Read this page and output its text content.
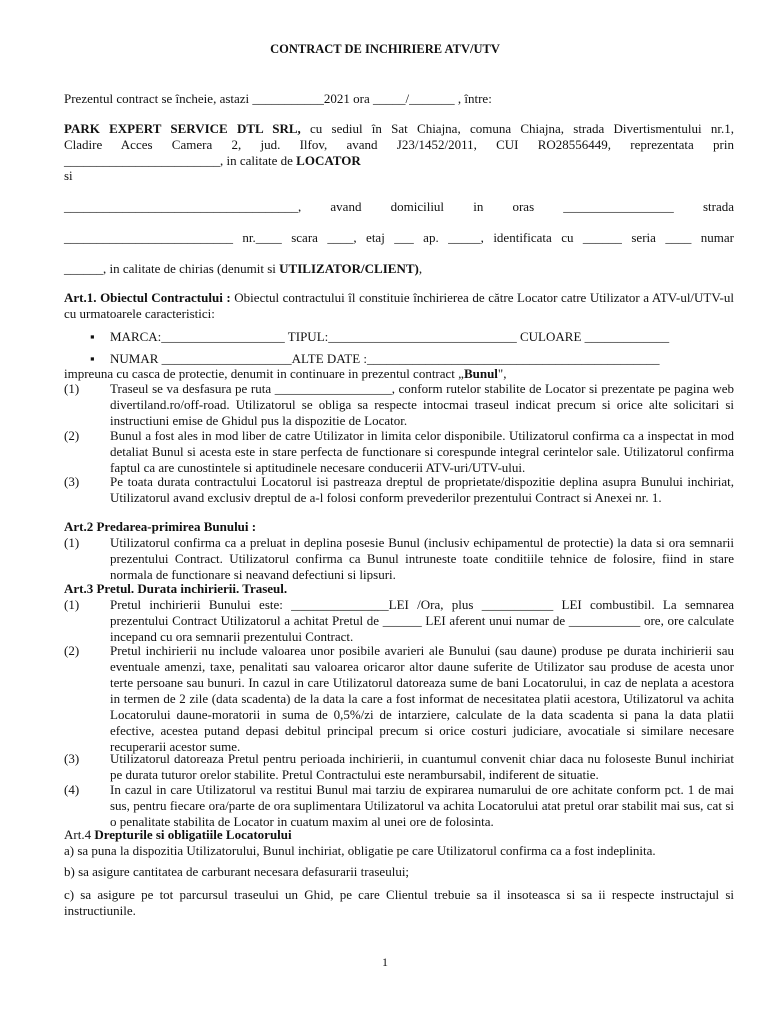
CONTRACT DE INCHIRIERE ATV/UTV
Prezentul contract se încheie, astazi ___________2021 ora _____/_______ , între:
PARK EXPERT SERVICE DTL SRL, cu sediul în Sat Chiajna, comuna Chiajna, strada Divertismentului nr.1,
Cladire Acces Camera 2, jud. Ilfov, avand J23/1452/2011, CUI RO28556449, reprezentata prin
________________________, in calitate de LOCATOR
si
____________________________________, avand domiciliul in oras _________________ strada
__________________________ nr.____ scara ____, etaj ___ ap. _____, identificata cu ______ seria ____ numar
______, in calitate de chirias (denumit si UTILIZATOR/CLIENT),
Art.1. Obiectul Contractului : Obiectul contractului îl constituie închirierea de către Locator catre Utilizator a ATV-ul/UTV-ul cu urmatoarele caracteristici:
▪ MARCA:___________________ TIPUL:_____________________________ CULOARE _____________
▪ NUMAR ____________________ALTE DATE :_____________________________________________
impreuna cu casca de protectie, denumit in continuare in prezentul contract „Bunul",
(1)	Traseul se va desfasura pe ruta __________________, conform rutelor stabilite de Locator si prezentate pe pagina web divertiland.ro/off-road. Utilizatorul se obliga sa respecte intocmai traseul indicat precum si orice alte solicitari si instructiuni emise de Ghidul pus la dispozitie de Locator.
(2)	Bunul a fost ales in mod liber de catre Utilizator in limita celor disponibile. Utilizatorul confirma ca a inspectat in mod detaliat Bunul si acesta este in stare perfecta de functionare si corespunde integral cerintelor sale. Utilizatorul confirma faptul ca are cunostintele si aptitudinele necesare conducerii ATV-uri/UTV-ului.
(3)	Pe toata durata contractului Locatorul isi pastreaza dreptul de proprietate/dispozitie deplina asupra Bunului inchiriat, Utilizatorul avand exclusiv dreptul de a-l folosi conform prevederilor prezentului Contract si Anexei nr. 1.
Art.2 Predarea-primirea Bunului :
(1)	Utilizatorul confirma ca a preluat in deplina posesie Bunul (inclusiv echipamentul de protectie) la data si ora semnarii prezentului Contract. Utilizatorul confirma ca Bunul intruneste toate conditiile tehnice de folosire, fiind in stare normala de functionare si neavand defectiuni si lipsuri.
Art.3 Pretul. Durata inchirierii. Traseul.
(1)	Pretul inchirierii Bunului este: _______________LEI /Ora, plus ___________ LEI combustibil. La semnarea prezentului Contract Utilizatorul a achitat Pretul de ______ LEI aferent unui numar de ___________ ore, ore calculate incepand cu ora semnarii prezentului Contract.
(2)	Pretul inchirierii nu include valoarea unor posibile avarieri ale Bunului (sau daune) produse pe durata inchirierii sau eventuale amenzi, taxe, penalitati sau valoarea oricaror altor daune suferite de Utilizator sau produse de acesta unor terte persoane sau bunuri. In cazul in care Utilizatorul datoreaza sume de bani Locatorului, in caz de neplata a acestora in termen de 2 zile (data scadenta) de la data la care a fost informat de necesitatea platii acestora, Utilizatorul va achita Locatorului daune-moratorii in suma de 0,5%/zi de intarziere, calculate de la data scadenta si pana la data platii efective, acestea putand depasi debitul principal precum si orice costuri judiciare, avocatiale si similare necesare recuperarii acestor sume.
(3)	Utilizatorul datoreaza Pretul pentru perioada inchirierii, in cuantumul convenit chiar daca nu foloseste Bunul inchiriat pe durata tuturor orelor stabilite. Pretul Contractului este nerambursabil, indiferent de situatie.
(4)	In cazul in care Utilizatorul va restitui Bunul mai tarziu de expirarea numarului de ore achitate conform pct. 1 de mai sus, pentru fiecare ora/parte de ora suplimentara Utilizatorul va achita Locatorului atat pretul orar stabilit mai sus, cat si o penalitate stabilita de Locator in cuatum maxim al unei ore de folosinta.
Art.4 Drepturile si obligatiile Locatorului
a) sa puna la dispozitia Utilizatorului, Bunul inchiriat, obligatie pe care Utilizatorul confirma ca a fost indeplinita.
b) sa asigure cantitatea de carburant necesara defasurarii traseului;
c) sa asigure pe tot parcursul traseului un Ghid, pe care Clientul trebuie sa il insoteasca si sa ii respecte instructajul si instructiunile.
1
